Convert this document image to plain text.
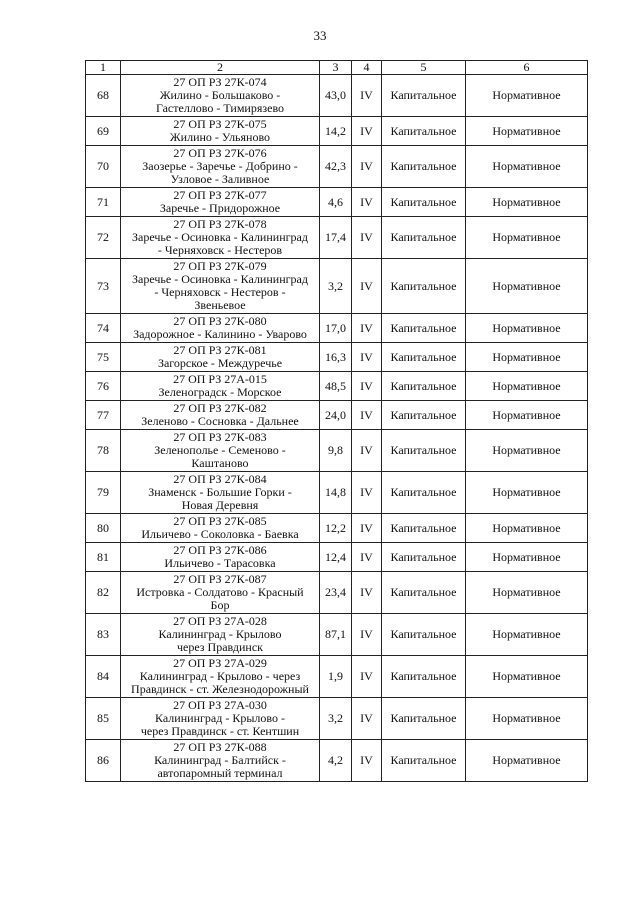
33
1	2	3	4	5	6
68	27 ОП РЗ 27К-074
Жилино - Большаково -
Гастеллово - Тимирязево	43,0	IV	Капитальное	Нормативное
69	27 ОП РЗ 27К-075
Жилино - Ульяново	14,2	IV	Капитальное	Нормативное
70	27 ОП РЗ 27К-076
Заозерье - Заречье - Добрино -
Узловое - Заливное	42,3	IV	Капитальное	Нормативное
71	27 ОП РЗ 27К-077
Заречье - Придорожное	4,6	IV	Капитальное	Нормативное
72	27 ОП РЗ 27К-078
Заречье - Осиновка - Калининград
- Черняховск - Нестеров	17,4	IV	Капитальное	Нормативное
73	27 ОП РЗ 27К-079
Заречье - Осиновка - Калининград
- Черняховск - Нестеров -
Звеньевое	3,2	IV	Капитальное	Нормативное
74	27 ОП РЗ 27К-080
Задорожное - Калинино - Уварово	17,0	IV	Капитальное	Нормативное
75	27 ОП РЗ 27К-081
Загорское - Междуречье	16,3	IV	Капитальное	Нормативное
76	27 ОП РЗ 27А-015
Зеленоградск - Морское	48,5	IV	Капитальное	Нормативное
77	27 ОП РЗ 27К-082
Зеленово - Сосновка - Дальнее	24,0	IV	Капитальное	Нормативное
78	27 ОП РЗ 27К-083
Зеленополье - Семеново -
Каштаново	9,8	IV	Капитальное	Нормативное
79	27 ОП РЗ 27К-084
Знаменск - Большие Горки -
Новая Деревня	14,8	IV	Капитальное	Нормативное
80	27 ОП РЗ 27К-085
Ильичево - Соколовка - Баевка	12,2	IV	Капитальное	Нормативное
81	27 ОП РЗ 27К-086
Ильичево - Тарасовка	12,4	IV	Капитальное	Нормативное
82	27 ОП РЗ 27К-087
Истровка - Солдатово - Красный
Бор	23,4	IV	Капитальное	Нормативное
83	27 ОП РЗ 27А-028
Калининград - Крылово
через Правдинск	87,1	IV	Капитальное	Нормативное
84	27 ОП РЗ 27А-029
Калининград - Крылово - через
Правдинск - ст. Железнодорожный	1,9	IV	Капитальное	Нормативное
85	27 ОП РЗ 27А-030
Калининград - Крылово -
через Правдинск - ст. Кентшин	3,2	IV	Капитальное	Нормативное
86	27 ОП РЗ 27К-088
Калининград - Балтийск -
автопаромный терминал	4,2	IV	Капитальное	Нормативное
